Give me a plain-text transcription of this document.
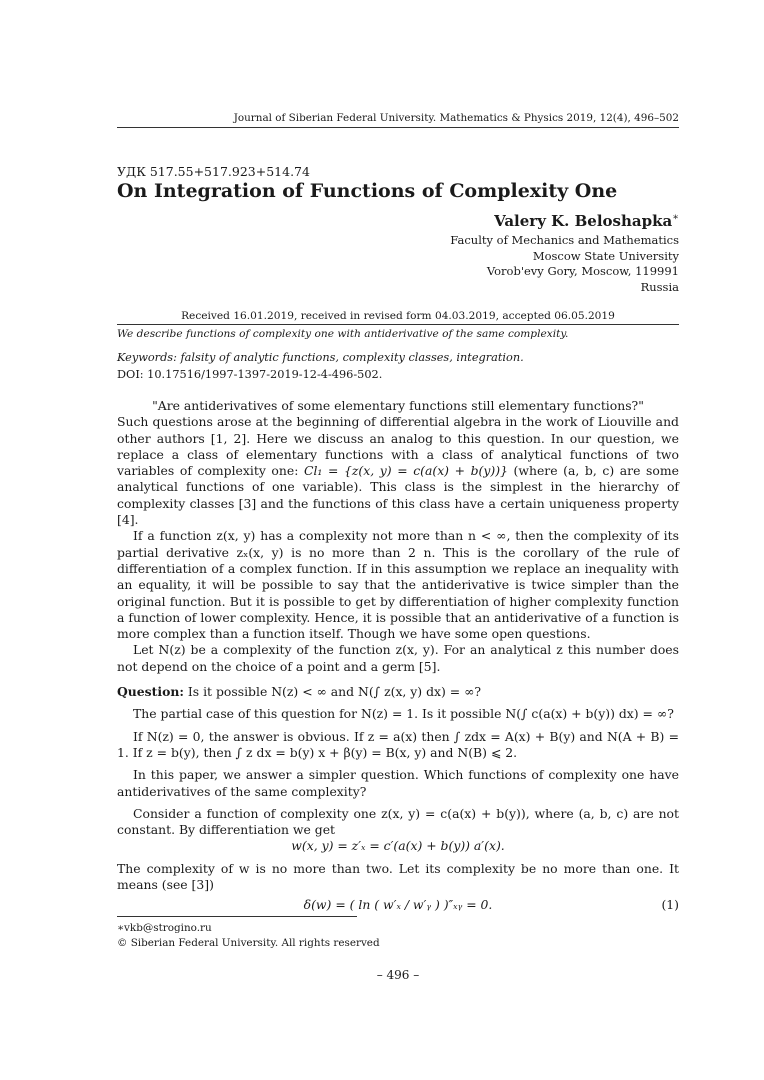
Journal of Siberian Federal University. Mathematics & Physics 2019, 12(4), 496–502
УДК 517.55+517.923+514.74
On Integration of Functions of Complexity One
Valery K. Beloshapka∗
Faculty of Mechanics and Mathematics
Moscow State University
Vorob'evy Gory, Moscow, 119991
Russia
Received 16.01.2019, received in revised form 04.03.2019, accepted 06.05.2019
We describe functions of complexity one with antiderivative of the same complexity.
Keywords: falsity of analytic functions, complexity classes, integration.
DOI: 10.17516/1997-1397-2019-12-4-496-502.

"Are antiderivatives of some elementary functions still elementary functions?"

Such questions arose at the beginning of differential algebra in the work of Liouville and other authors [1, 2]. Here we discuss an analog to this question. In our question, we replace a class of elementary functions with a class of analytical functions of two variables of complexity one: Cl₁ = {z(x, y) = c(a(x) + b(y))} (where (a, b, c) are some analytical functions of one variable). This class is the simplest in the hierarchy of complexity classes [3] and the functions of this class have a certain uniqueness property [4].

If a function z(x, y) has a complexity not more than n < ∞, then the complexity of its partial derivative zₓ(x, y) is no more than 2 n. This is the corollary of the rule of differentiation of a complex function. If in this assumption we replace an inequality with an equality, it will be possible to say that the antiderivative is twice simpler than the original function. But it is possible to get by differentiation of higher complexity function a function of lower complexity. Hence, it is possible that an antiderivative of a function is more complex than a function itself. Though we have some open questions.

Let N(z) be a complexity of the function z(x, y). For an analytical z this number does not depend on the choice of a point and a germ [5].

Question: Is it possible N(z) < ∞ and N(∫ z(x, y) dx) = ∞?

The partial case of this question for N(z) = 1. Is it possible N(∫ c(a(x) + b(y)) dx) = ∞?

If N(z) = 0, the answer is obvious. If z = a(x) then ∫ zdx = A(x) + B(y) and N(A + B) = 1. If z = b(y), then ∫ z dx = b(y) x + β(y) = B(x, y) and N(B) ⩽ 2.

In this paper, we answer a simpler question. Which functions of complexity one have antiderivatives of the same complexity?

Consider a function of complexity one z(x, y) = c(a(x) + b(y)), where (a, b, c) are not constant. By differentiation we get

w(x, y) = z′ₓ = c′(a(x) + b(y)) a′(x).

The complexity of w is no more than two. Let its complexity be no more than one. It means (see [3])

δ(w) = ( ln ( w′ₓ / w′ᵧ ) )″ₓᵧ = 0.	(1)
∗vkb@strogino.ru
© Siberian Federal University. All rights reserved
– 496 –
